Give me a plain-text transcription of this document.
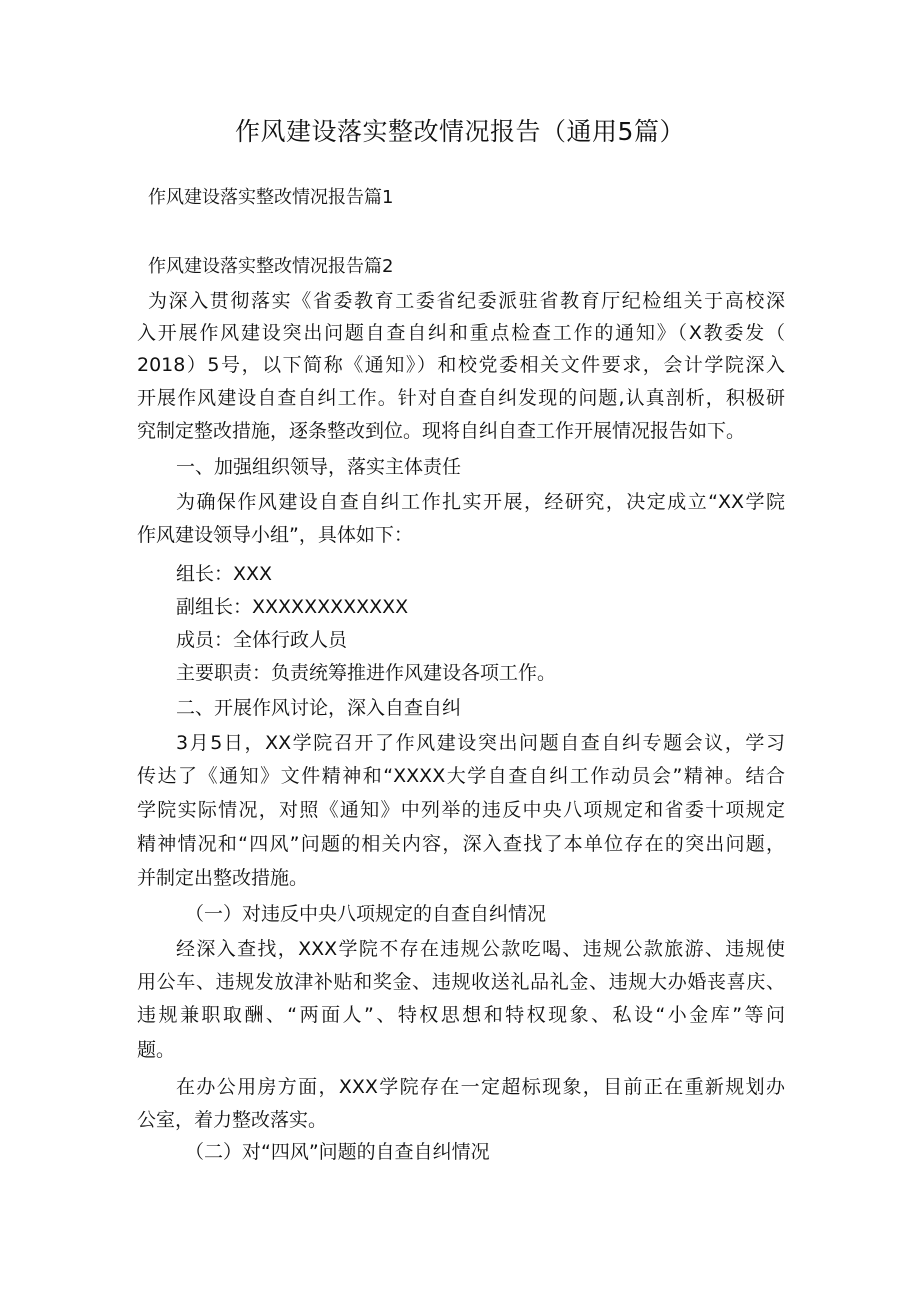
作风建设落实整改情况报告（通用5篇）

作风建设落实整改情况报告篇1

作风建设落实整改情况报告篇2

为深入贯彻落实《省委教育工委省纪委派驻省教育厅纪检组关于高校深

入开展作风建设突出问题自查自纠和重点检查工作的通知》（X教委发（

2018）5号，以下简称《通知》）和校党委相关文件要求，会计学院深入

开展作风建设自查自纠工作。针对自查自纠发现的问题,认真剖析，积极研

究制定整改措施，逐条整改到位。现将自纠自查工作开展情况报告如下。

一、加强组织领导，落实主体责任

为确保作风建设自查自纠工作扎实开展，经研究，决定成立“XX学院

作风建设领导小组”，具体如下：

组长：XXX

副组长：XXXXXXXXXXXX

成员：全体行政人员

主要职责：负责统筹推进作风建设各项工作。

二、开展作风讨论，深入自查自纠

3月5日，XX学院召开了作风建设突出问题自查自纠专题会议，学习

传达了《通知》文件精神和“XXXX大学自查自纠工作动员会”精神。结合

学院实际情况，对照《通知》中列举的违反中央八项规定和省委十项规定

精神情况和“四风”问题的相关内容，深入查找了本单位存在的突出问题，

并制定出整改措施。

（一）对违反中央八项规定的自查自纠情况

经深入查找，XXX学院不存在违规公款吃喝、违规公款旅游、违规使

用公车、违规发放津补贴和奖金、违规收送礼品礼金、违规大办婚丧喜庆、

违规兼职取酬、“两面人”、特权思想和特权现象、私设“小金库”等问

题。

在办公用房方面，XXX学院存在一定超标现象，目前正在重新规划办

公室，着力整改落实。

（二）对“四风”问题的自查自纠情况
